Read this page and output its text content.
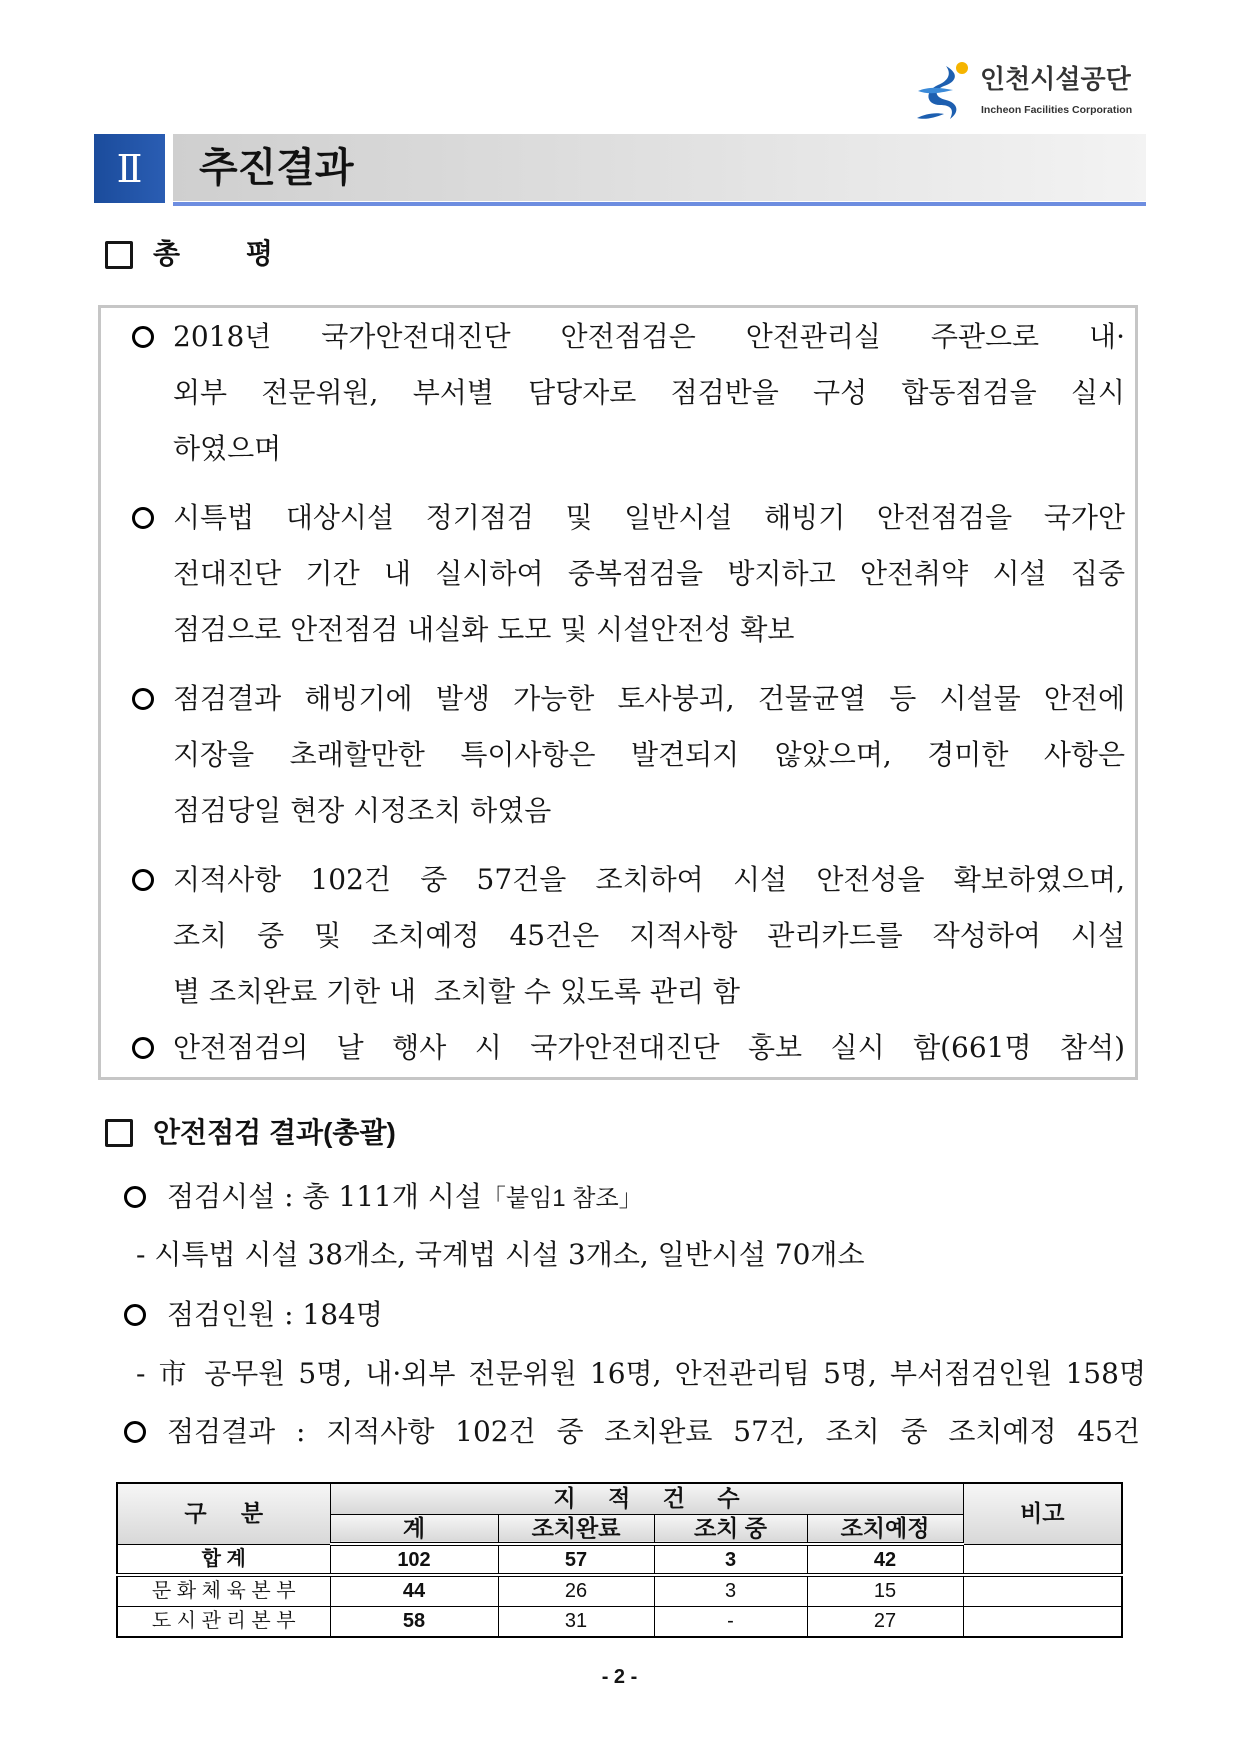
인천시설공단
Incheon Facilities Corporation
Ⅱ 추진결과
총 평
2018년 국가안전대진단 안전점검은 안전관리실 주관으로 내·
외부 전문위원, 부서별 담당자로 점검반을 구성 합동점검을 실시
하였으며
시특법 대상시설 정기점검 및 일반시설 해빙기 안전점검을 국가안
전대진단 기간 내 실시하여 중복점검을 방지하고 안전취약 시설 집중
점검으로 안전점검 내실화 도모 및 시설안전성 확보
점검결과 해빙기에 발생 가능한 토사붕괴, 건물균열 등 시설물 안전에
지장을 초래할만한 특이사항은 발견되지 않았으며, 경미한 사항은
점검당일 현장 시정조치 하였음
지적사항 102건 중 57건을 조치하여 시설 안전성을 확보하였으며,
조치 중 및 조치예정 45건은 지적사항 관리카드를 작성하여 시설
별 조치완료 기한 내  조치할 수 있도록 관리 함
안전점검의 날 행사 시 국가안전대진단 홍보 실시 함(661명 참석)
안전점검 결과(총괄)
점검시설 : 총 111개 시설「붙임1 참조」
- 시특법 시설 38개소, 국계법 시설 3개소, 일반시설 70개소
점검인원 : 184명
- 市 공무원 5명, 내·외부 전문위원 16명, 안전관리팀 5명, 부서점검인원 158명
점검결과 : 지적사항 102건 중 조치완료 57건, 조치 중 조치예정 45건
구 분	지 적 건 수				비고
	계	조치완료	조치 중	조치예정	
합 계	102	57	3	42	
문 화 체 육 본 부	44	26	3	15	
도 시 관 리 본 부	58	31	-	27	
- 2 -
